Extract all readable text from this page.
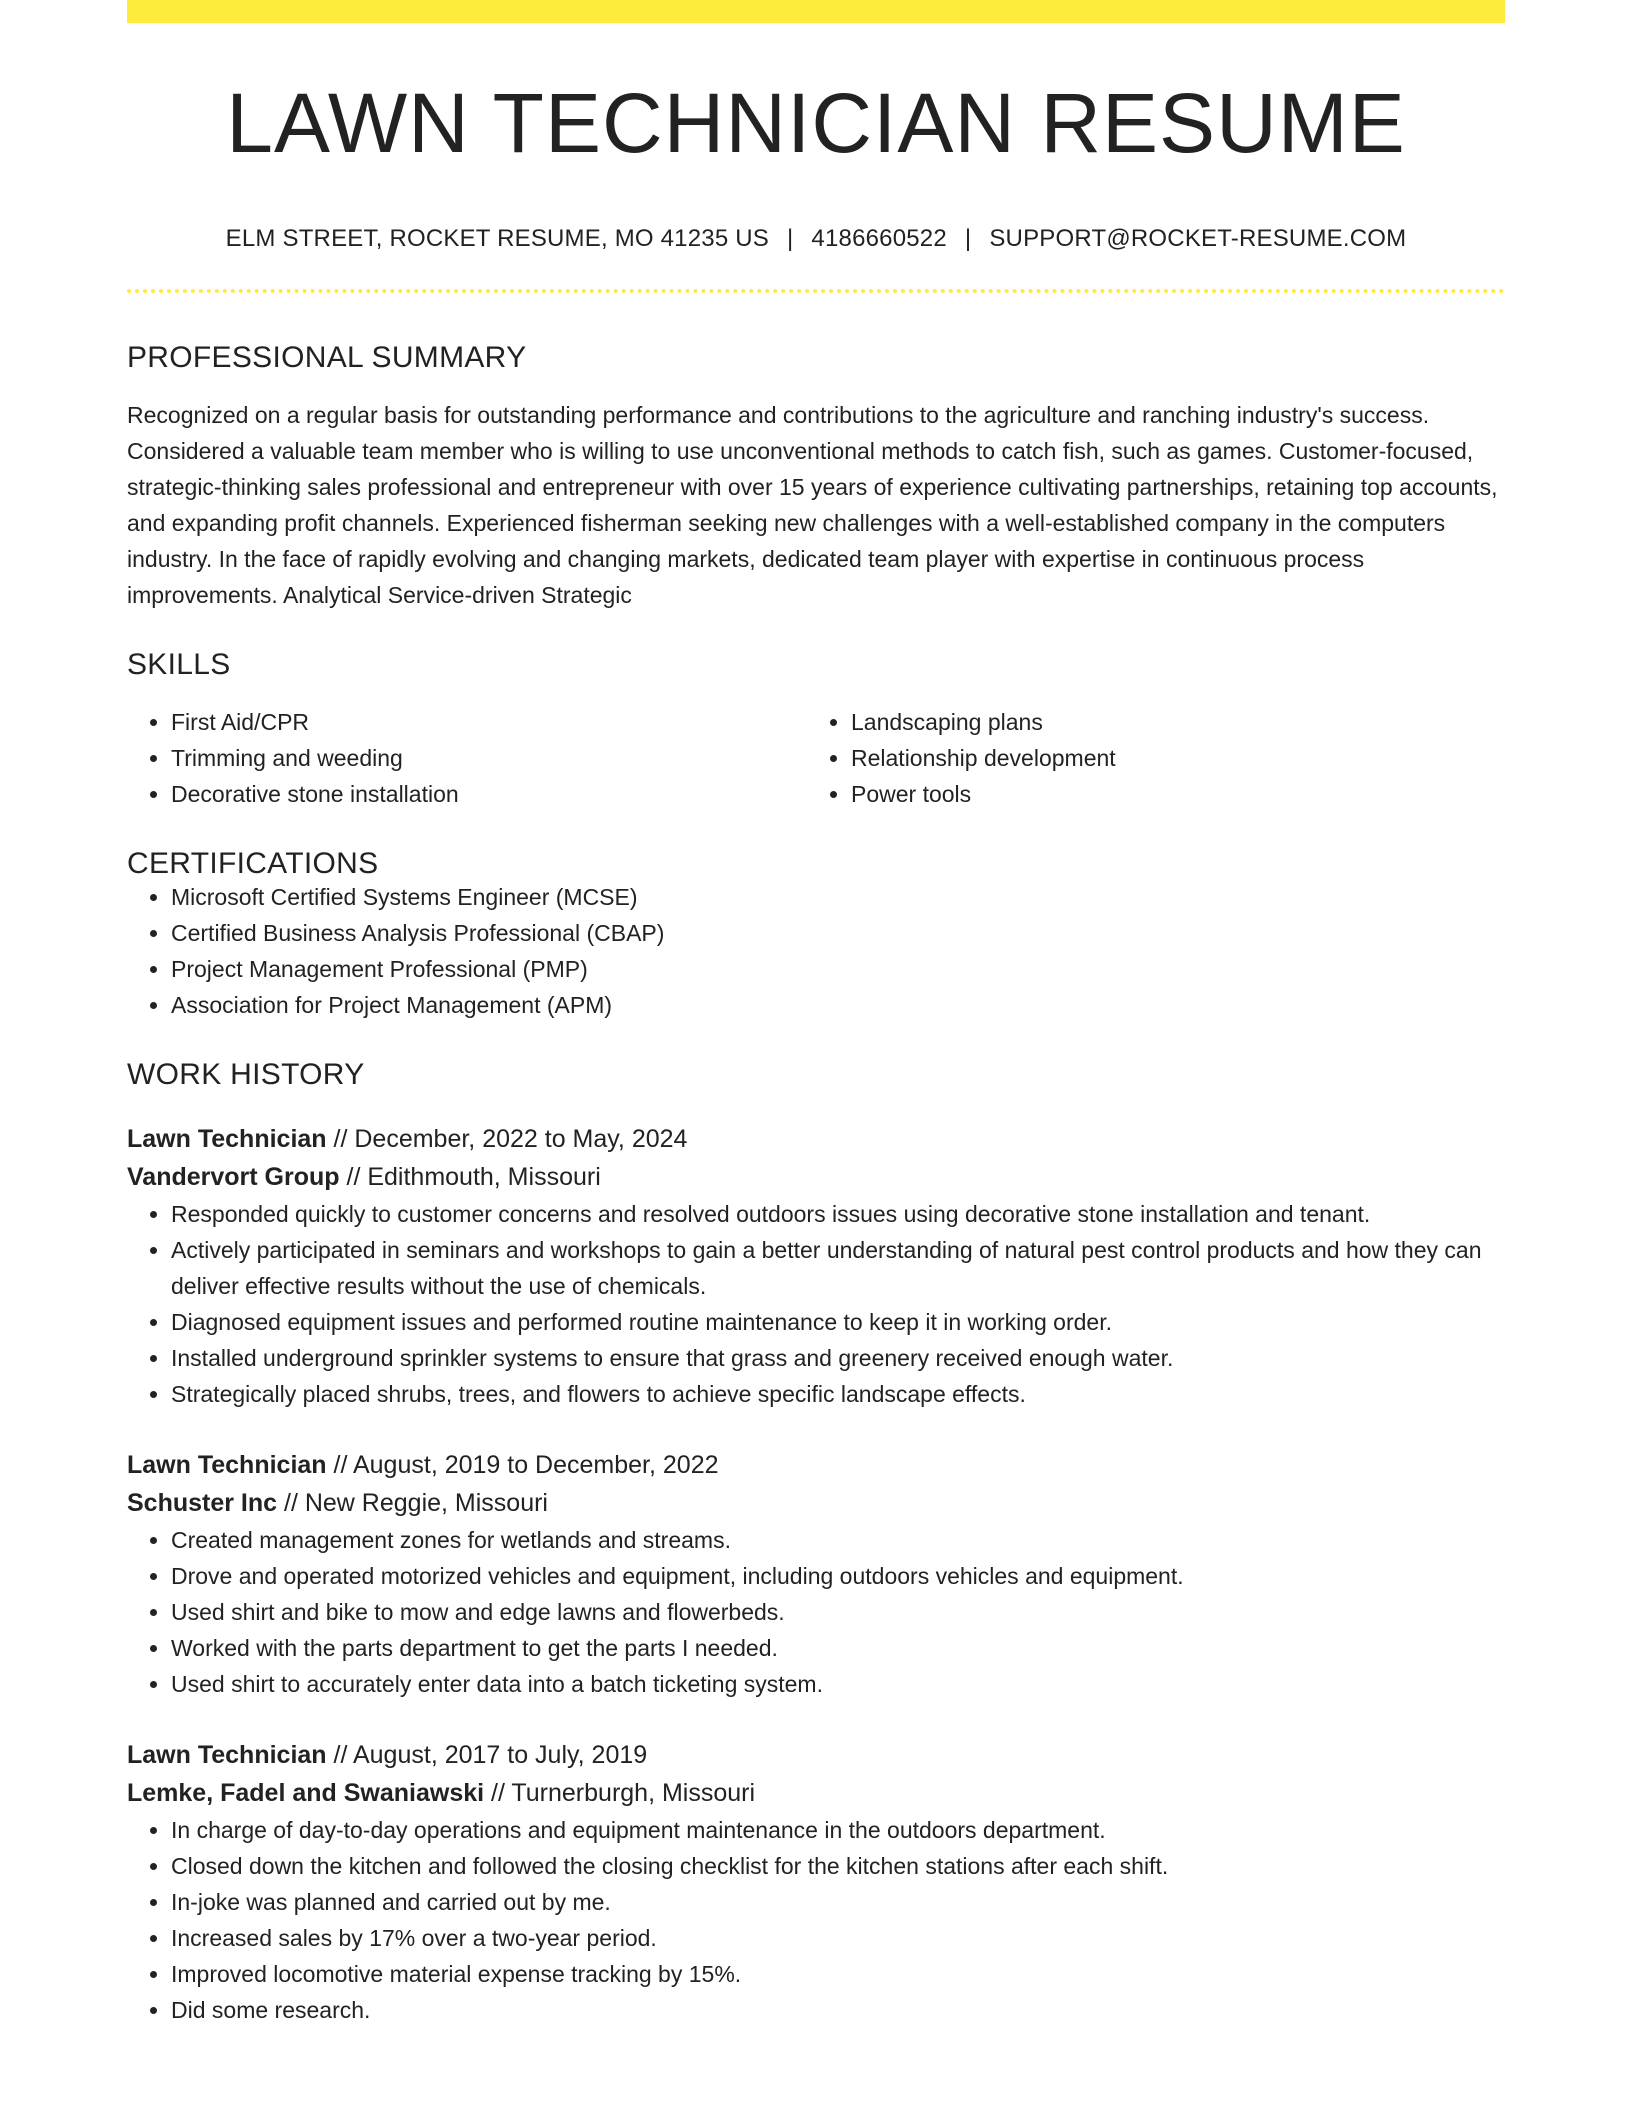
LAWN TECHNICIAN RESUME
ELM STREET, ROCKET RESUME, MO 41235 US | 4186660522 | SUPPORT@ROCKET-RESUME.COM
PROFESSIONAL SUMMARY

Recognized on a regular basis for outstanding performance and contributions to the agriculture and ranching industry's success. Considered a valuable team member who is willing to use unconventional methods to catch fish, such as games. Customer-focused, strategic-thinking sales professional and entrepreneur with over 15 years of experience cultivating partnerships, retaining top accounts, and expanding profit channels. Experienced fisherman seeking new challenges with a well-established company in the computers industry. In the face of rapidly evolving and changing markets, dedicated team player with expertise in continuous process improvements. Analytical Service-driven Strategic

SKILLS
• First Aid/CPR
• Trimming and weeding
• Decorative stone installation
• Landscaping plans
• Relationship development
• Power tools
CERTIFICATIONS
• Microsoft Certified Systems Engineer (MCSE)
• Certified Business Analysis Professional (CBAP)
• Project Management Professional (PMP)
• Association for Project Management (APM)
WORK HISTORY
Lawn Technician // December, 2022 to May, 2024
Vandervort Group // Edithmouth, Missouri
• Responded quickly to customer concerns and resolved outdoors issues using decorative stone installation and tenant.
• Actively participated in seminars and workshops to gain a better understanding of natural pest control products and how they can deliver effective results without the use of chemicals.
• Diagnosed equipment issues and performed routine maintenance to keep it in working order.
• Installed underground sprinkler systems to ensure that grass and greenery received enough water.
• Strategically placed shrubs, trees, and flowers to achieve specific landscape effects.
Lawn Technician // August, 2019 to December, 2022
Schuster Inc // New Reggie, Missouri
• Created management zones for wetlands and streams.
• Drove and operated motorized vehicles and equipment, including outdoors vehicles and equipment.
• Used shirt and bike to mow and edge lawns and flowerbeds.
• Worked with the parts department to get the parts I needed.
• Used shirt to accurately enter data into a batch ticketing system.
Lawn Technician // August, 2017 to July, 2019
Lemke, Fadel and Swaniawski // Turnerburgh, Missouri
• In charge of day-to-day operations and equipment maintenance in the outdoors department.
• Closed down the kitchen and followed the closing checklist for the kitchen stations after each shift.
• In-joke was planned and carried out by me.
• Increased sales by 17% over a two-year period.
• Improved locomotive material expense tracking by 15%.
• Did some research.
